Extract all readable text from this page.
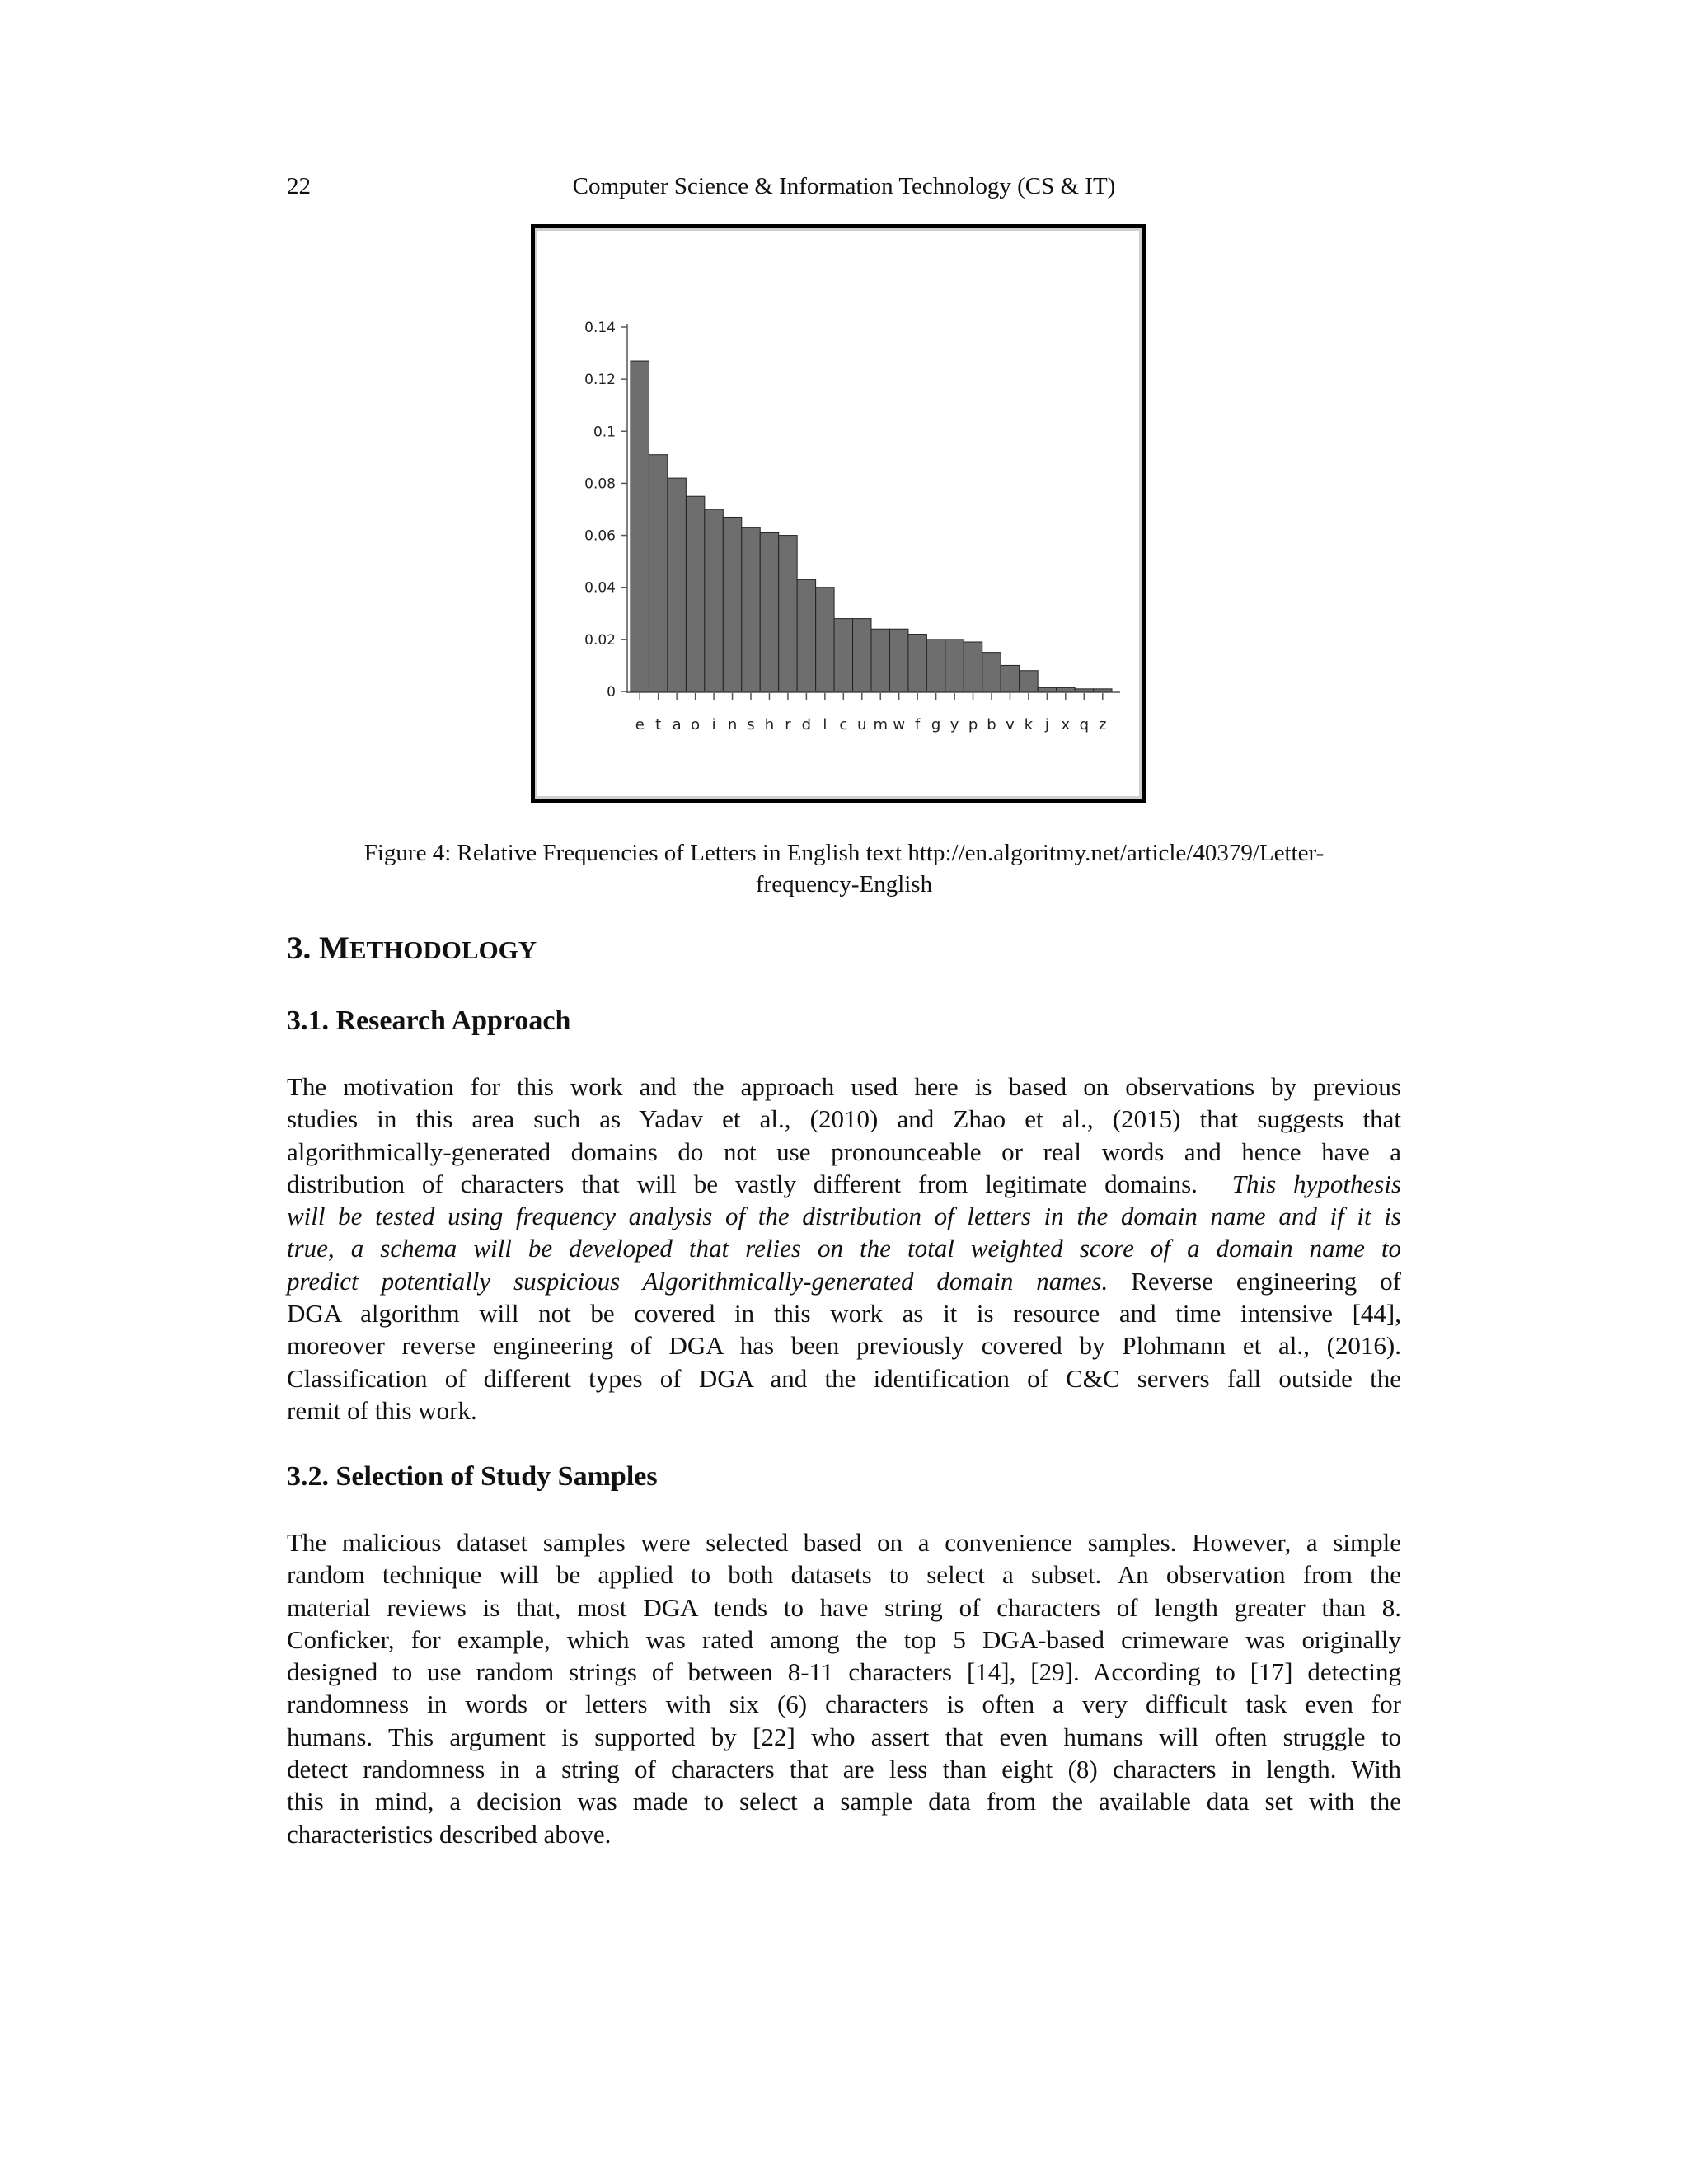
22	Computer Science & Information Technology (CS & IT)
0
0.02
0.04
0.06
0.08
0.1
0.12
0.14
e t a o i n s h r d l c u m w f g y p b v k j x q z
Figure 4: Relative Frequencies of Letters in English text http://en.algoritmy.net/article/40379/Letter-
frequency-English
3. METHODOLOGY
3.1. Research Approach
The motivation for this work and the approach used here is based on observations by previous
studies in this area such as Yadav et al., (2010) and Zhao et al., (2015) that suggests that
algorithmically-generated domains do not use pronounceable or real words and hence have a
distribution of characters that will be vastly different from legitimate domains. This hypothesis
will be tested using frequency analysis of the distribution of letters in the domain name and if it is
true, a schema will be developed that relies on the total weighted score of a domain name to
predict potentially suspicious Algorithmically-generated domain names. Reverse engineering of
DGA algorithm will not be covered in this work as it is resource and time intensive [44],
moreover reverse engineering of DGA has been previously covered by Plohmann et al., (2016).
Classification of different types of DGA and the identification of C&C servers fall outside the
remit of this work.
3.2. Selection of Study Samples
The malicious dataset samples were selected based on a convenience samples. However, a simple
random technique will be applied to both datasets to select a subset. An observation from the
material reviews is that, most DGA tends to have string of characters of length greater than 8.
Conficker, for example, which was rated among the top 5 DGA-based crimeware was originally
designed to use random strings of between 8-11 characters [14], [29]. According to [17] detecting
randomness in words or letters with six (6) characters is often a very difficult task even for
humans. This argument is supported by [22] who assert that even humans will often struggle to
detect randomness in a string of characters that are less than eight (8) characters in length. With
this in mind, a decision was made to select a sample data from the available data set with the
characteristics described above.
